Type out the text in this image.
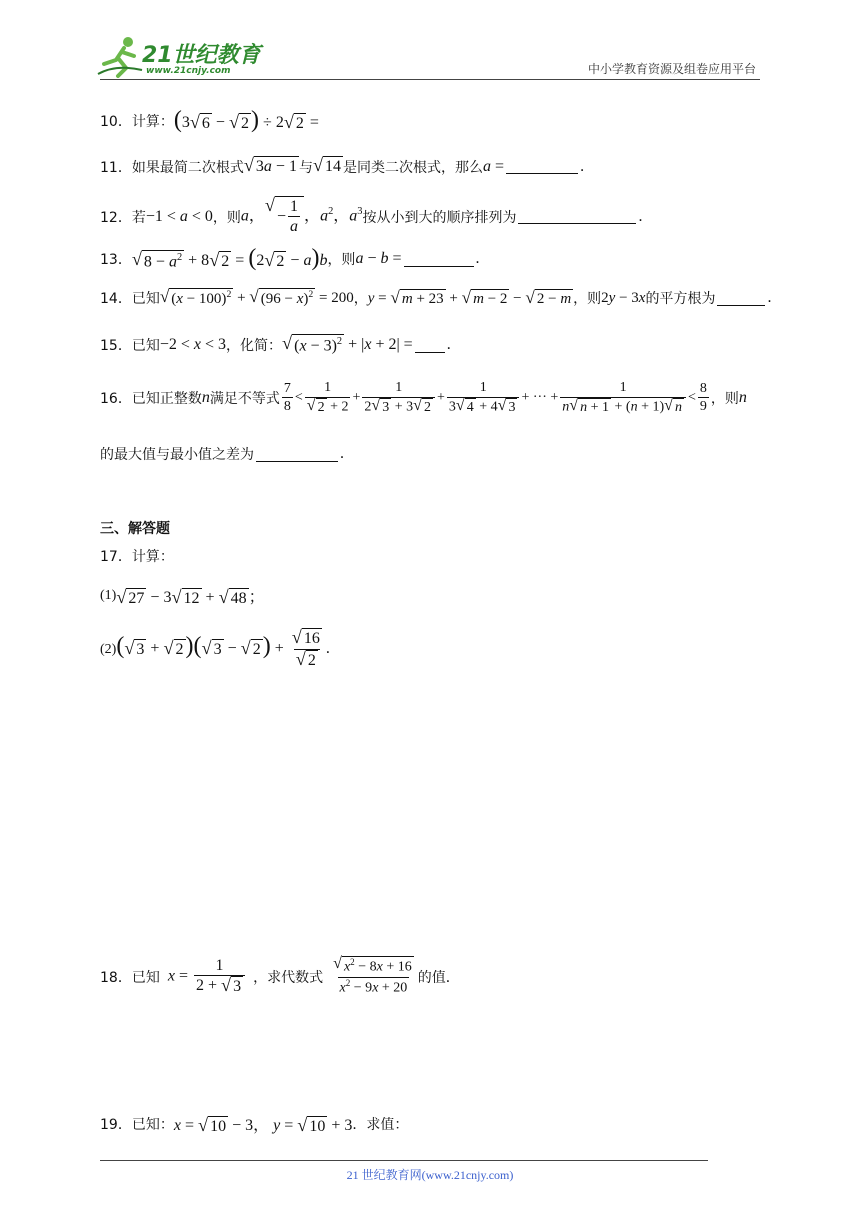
21世纪教育
www.21cnjy.com	中小学教育资源及组卷应用平台
10． 计算： (3 √ 6 − √ 2 ) ÷ 2 √ 2 =
11． 如果最简二次根式 √ 3a − 1 与 √ 14 是同类二次根式，那么 a =	.
12． 若 −1 < a < 0 ，则 a，
√
− $\frac{1}{a}$ ，$a^2$，$a^3$ 按从小到大的顺序排列为	.
13． √ $8 - a^2 + 8$ √ 2 = (2 √ 2 − a)b ，则 a − b =	.
14． 已知 √ $(x - 100)^2$ + √ $(96 - x)^2 = 200$ ， y = √ m + 23 + √ m − 2 − √ 2 − m ，则 2y − 3x 的平方根为	.
15． 已知 −2 < x < 3 ，化简： √ $(x - 3)^2 + |x + 2|$ = .
16． 已知正整数 n 满足不等式 $\frac{7}{8} < \frac{1}{√ 2 + 2} + \frac{1}{2 √ 3 + 3 √ 2} + \frac{1}{3 √ 4 + 4 √ 3}$ + ··· + $\frac{1}{n √ n + 1 + (n + 1) √ n} < \frac{8}{9}$ ，则 n
的最大值与最小值之差为	.
三、解答题
17． 计算：
(1) √ 27 − 3 √ 12 + √ 48 ；
(2) ( √ 3 + √ 2 )( √ 3 − √ 2 ) + $\frac{√ 16}{√ 2}$ .
18． 已知 $x = \frac{1}{2 + √ 3}$ ，求代数式 $\frac{√ x^2 - 8x + 16}{x^2 - 9x + 20}$ 的值．
19． 已知： x = √ 10 − 3， y = √ 10 + 3 ．求值：
21 世纪教育网(www.21cnjy.com)
